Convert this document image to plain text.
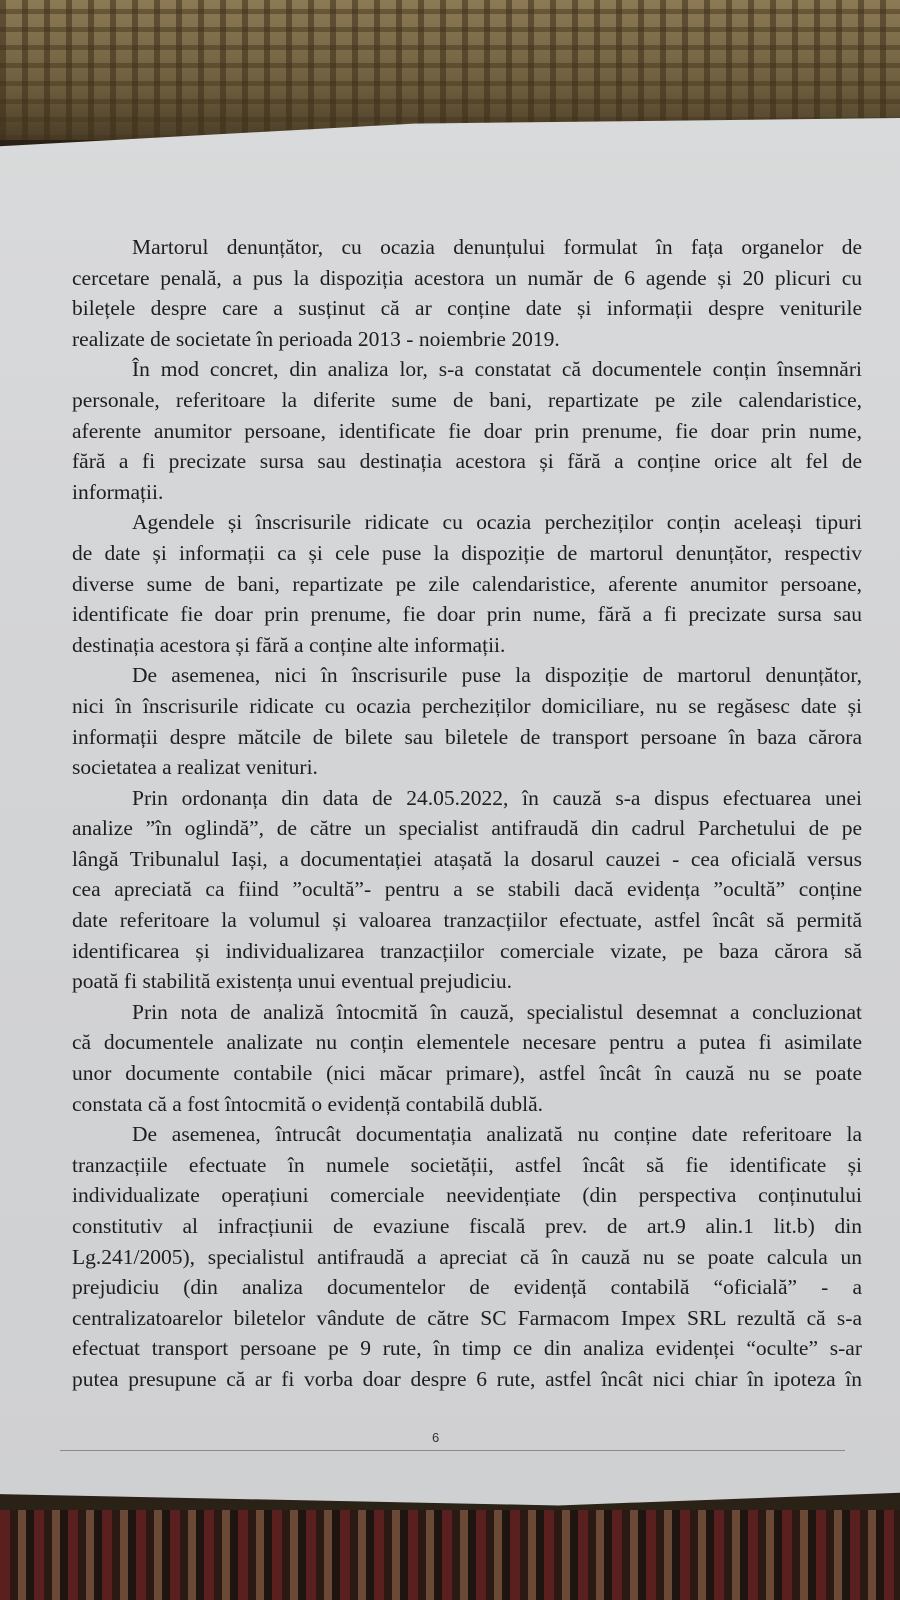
Martorul denunțător, cu ocazia denunțului formulat în fața organelor de
cercetare penală, a pus la dispoziția acestora un număr de 6 agende și 20 plicuri cu
bilețele despre care a susținut că ar conține date și informații despre veniturile
realizate de societate în perioada 2013 - noiembrie 2019.
În mod concret, din analiza lor, s-a constatat că documentele conțin însemnări
personale, referitoare la diferite sume de bani, repartizate pe zile calendaristice,
aferente anumitor persoane, identificate fie doar prin prenume, fie doar prin nume,
fără a fi precizate sursa sau destinația acestora și fără a conține orice alt fel de
informații.
Agendele și înscrisurile ridicate cu ocazia percheziților conțin aceleași tipuri
de date și informații ca și cele puse la dispoziție de martorul denunțător, respectiv
diverse sume de bani, repartizate pe zile calendaristice, aferente anumitor persoane,
identificate fie doar prin prenume, fie doar prin nume, fără a fi precizate sursa sau
destinația acestora și fără a conține alte informații.
De asemenea, nici în înscrisurile puse la dispoziție de martorul denunțător,
nici în înscrisurile ridicate cu ocazia percheziților domiciliare, nu se regăsesc date și
informații despre mătcile de bilete sau biletele de transport persoane în baza cărora
societatea a realizat venituri.
Prin ordonanța din data de 24.05.2022, în cauză s-a dispus efectuarea unei
analize ”în oglindă”, de către un specialist antifraudă din cadrul Parchetului de pe
lângă Tribunalul Iași, a documentației atașată la dosarul cauzei - cea oficială versus
cea apreciată ca fiind ”ocultă”- pentru a se stabili dacă evidența ”ocultă” conține
date referitoare la volumul și valoarea tranzacțiilor efectuate, astfel încât să permită
identificarea și individualizarea tranzacțiilor comerciale vizate, pe baza cărora să
poată fi stabilită existența unui eventual prejudiciu.
Prin nota de analiză întocmită în cauză, specialistul desemnat a concluzionat
că documentele analizate nu conțin elementele necesare pentru a putea fi asimilate
unor documente contabile (nici măcar primare), astfel încât în cauză nu se poate
constata că a fost întocmită o evidență contabilă dublă.
De asemenea, întrucât documentația analizată nu conține date referitoare la
tranzacțiile efectuate în numele societății, astfel încât să fie identificate și
individualizate operațiuni comerciale neevidențiate (din perspectiva conținutului
constitutiv al infracțiunii de evaziune fiscală prev. de art.9 alin.1 lit.b) din
Lg.241/2005), specialistul antifraudă a apreciat că în cauză nu se poate calcula un
prejudiciu (din analiza documentelor de evidență contabilă “oficială” - a
centralizatoarelor biletelor vândute de către SC Farmacom Impex SRL rezultă că s-a
efectuat transport persoane pe 9 rute, în timp ce din analiza evidenței “oculte” s-ar
putea presupune că ar fi vorba doar despre 6 rute, astfel încât nici chiar în ipoteza în
6
